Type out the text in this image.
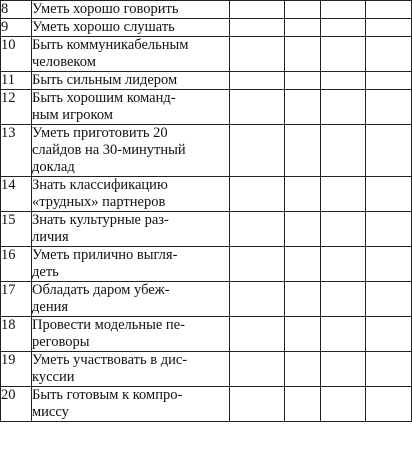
8	Уметь хорошо говорить				
9	Уметь хорошо слушать				
10	Быть коммуникабельным
человеком				
11	Быть сильным лидером				
12	Быть хорошим команд-
ным игроком				
13	Уметь приготовить 20
слайдов на 30-минутный
доклад				
14	Знать классификацию
«трудных» партнеров				
15	Знать культурные раз-
личия				
16	Уметь прилично выгля-
деть				
17	Обладать даром убеж-
дения				
18	Провести модельные пе-
реговоры				
19	Уметь участвовать в дис-
куссии				
20	Быть готовым к компро-
миссу				
